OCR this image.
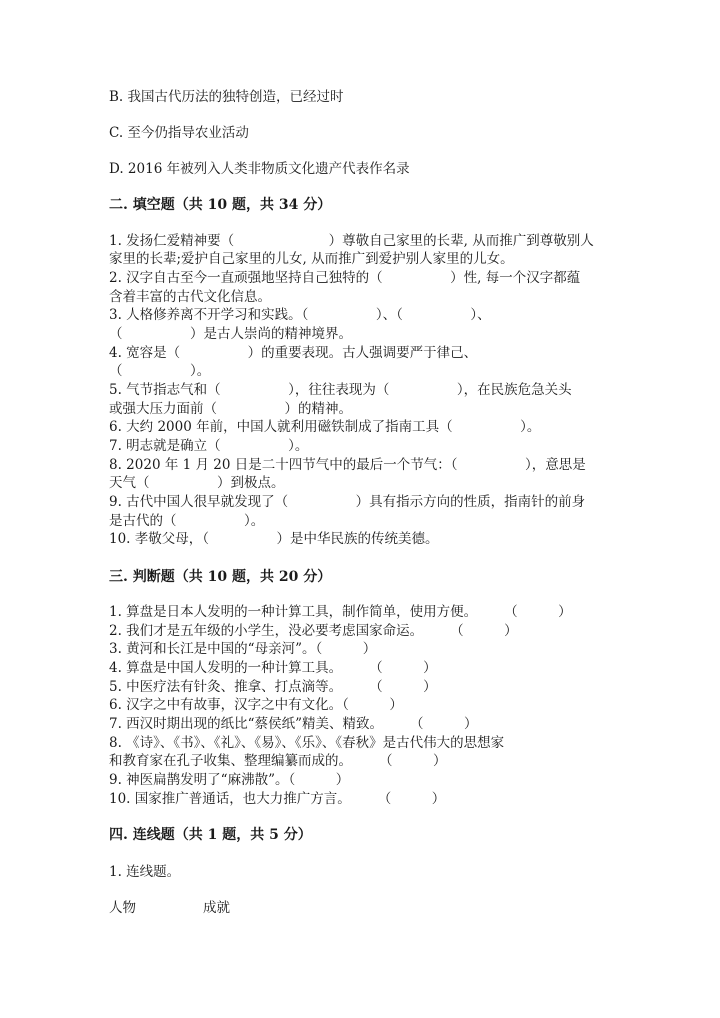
B. 我国古代历法的独特创造，已经过时

C. 至今仍指导农业活动

D. 2016 年被列入人类非物质文化遗产代表作名录

二. 填空题（共 10 题，共 34 分）

1. 发扬仁爱精神要（　　　　　　　）尊敬自己家里的长辈, 从而推广到尊敬别人

家里的长辈;爱护自己家里的儿女, 从而推广到爱护别人家里的儿女。

2. 汉字自古至今一直顽强地坚持自己独特的（　　　　　）性, 每一个汉字都蕴

含着丰富的古代文化信息。

3. 人格修养离不开学习和实践。（　　　　　）、（　　　　　）、

（　　　　　）是古人崇尚的精神境界。

4. 宽容是（　　　　　）的重要表现。古人强调要严于律己、

（　　　　　）。

5. 气节指志气和（　　　　　），往往表现为（　　　　　），在民族危急关头

或强大压力面前（　　　　　）的精神。

6. 大约 2000 年前，中国人就利用磁铁制成了指南工具（　　　　　）。

7. 明志就是确立（　　　　　）。

8. 2020 年 1 月 20 日是二十四节气中的最后一个节气：（　　　　　），意思是

天气（　　　　　）到极点。

9. 古代中国人很早就发现了（　　　　　）具有指示方向的性质，指南针的前身

是古代的（　　　　　）。

10. 孝敬父母，（　　　　　）是中华民族的传统美德。

三. 判断题（共 10 题，共 20 分）

1. 算盘是日本人发明的一种计算工具，制作简单，使用方便。　　　（　　　）

2. 我们才是五年级的小学生，没必要考虑国家命运。　　　（　　　）

3. 黄河和长江是中国的“母亲河”。（　　　）

4. 算盘是中国人发明的一种计算工具。　　　（　　　）

5. 中医疗法有针灸、推拿、打点滴等。　　　（　　　）

6. 汉字之中有故事，汉字之中有文化。（　　　）

7. 西汉时期出现的纸比“蔡侯纸”精美、精致。　　　（　　　）

8. 《诗》、《书》、《礼》、《易》、《乐》、《春秋》是古代伟大的思想家

和教育家在孔子收集、整理编纂而成的。　　　（　　　）

9. 神医扁鹊发明了“麻沸散”。（　　　）

10. 国家推广普通话，也大力推广方言。　　　（　　　）

四. 连线题（共 1 题，共 5 分）

1. 连线题。

人物	成就
